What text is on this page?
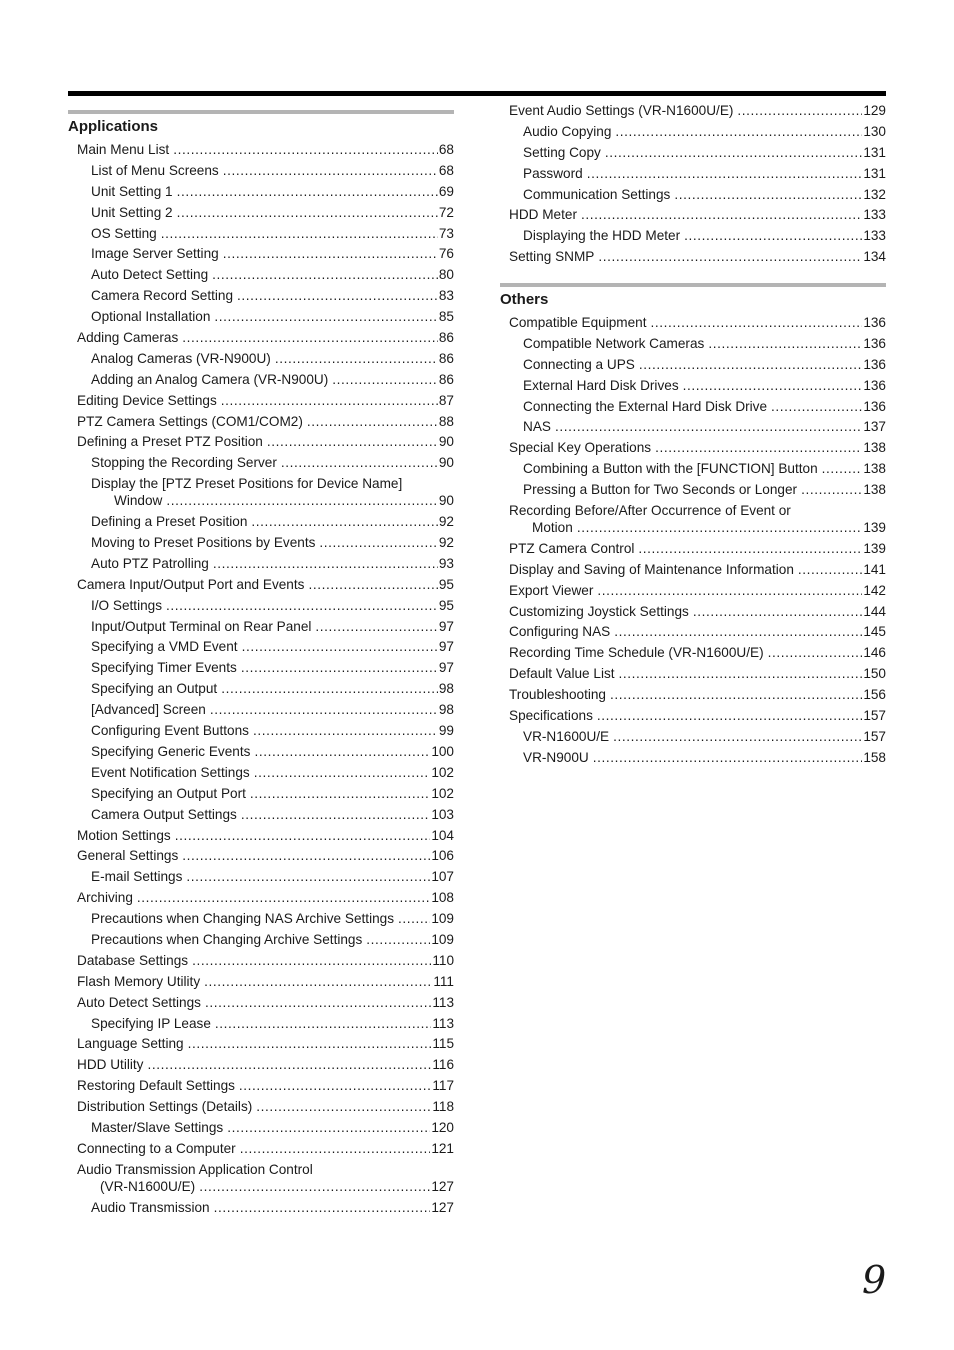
Applications
Main Menu List .....	68
List of Menu Screens .....	68
Unit Setting 1 .....	69
Unit Setting 2 .....	72
OS Setting .....	73
Image Server Setting .....	76
Auto Detect Setting .....	80
Camera Record Setting .....	83
Optional Installation .....	85
Adding Cameras .....	86
Analog Cameras (VR-N900U) .....	86
Adding an Analog Camera (VR-N900U) .....	86
Editing Device Settings .....	87
PTZ Camera Settings (COM1/COM2) .....	88
Defining a Preset PTZ Position .....	90
Stopping the Recording Server .....	90
Display the [PTZ Preset Positions for Device Name]
Window .....	90
Defining a Preset Position .....	92
Moving to Preset Positions by Events .....	92
Auto PTZ Patrolling .....	93
Camera Input/Output Port and Events .....	95
I/O Settings .....	95
Input/Output Terminal on Rear Panel .....	97
Specifying a VMD Event .....	97
Specifying Timer Events .....	97
Specifying an Output .....	98
[Advanced] Screen .....	98
Configuring Event Buttons .....	99
Specifying Generic Events .....	100
Event Notification Settings .....	102
Specifying an Output Port .....	102
Camera Output Settings .....	103
Motion Settings .....	104
General Settings .....	106
E-mail Settings .....	107
Archiving .....	108
Precautions when Changing NAS Archive Settings .....	109
Precautions when Changing Archive Settings .....	109
Database Settings .....	110
Flash Memory Utility .....	111
Auto Detect Settings .....	113
Specifying IP Lease .....	113
Language Setting .....	115
HDD Utility .....	116
Restoring Default Settings .....	117
Distribution Settings (Details) .....	118
Master/Slave Settings .....	120
Connecting to a Computer .....	121
Audio Transmission Application Control
(VR-N1600U/E) .....	127
Audio Transmission .....	127
Event Audio Settings (VR-N1600U/E) .....	129
Audio Copying .....	130
Setting Copy .....	131
Password .....	131
Communication Settings .....	132
HDD Meter .....	133
Displaying the HDD Meter .....	133
Setting SNMP .....	134
Others
Compatible Equipment .....	136
Compatible Network Cameras .....	136
Connecting a UPS .....	136
External Hard Disk Drives .....	136
Connecting the External Hard Disk Drive .....	136
NAS .....	137
Special Key Operations .....	138
Combining a Button with the [FUNCTION] Button .....	138
Pressing a Button for Two Seconds or Longer .....	138
Recording Before/After Occurrence of Event or
Motion .....	139
PTZ Camera Control .....	139
Display and Saving of Maintenance Information .....	141
Export Viewer .....	142
Customizing Joystick Settings .....	144
Configuring NAS .....	145
Recording Time Schedule (VR-N1600U/E) .....	146
Default Value List .....	150
Troubleshooting .....	156
Specifications .....	157
VR-N1600U/E .....	157
VR-N900U .....	158
9
